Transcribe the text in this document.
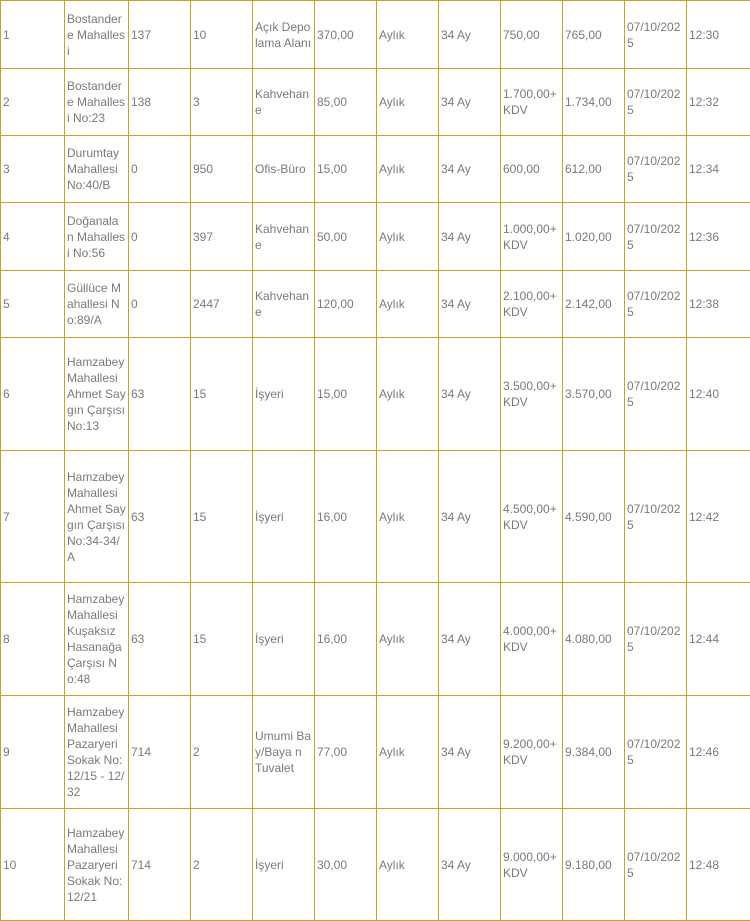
1	Bostander e Mahallesi	137	10	Açık Depolama Alanı	370,00	Aylık	34 Ay	750,00	765,00	07/10/2025	12:30
2	Bostander e Mahallesi No:23	138	3	Kahvehan e	85,00	Aylık	34 Ay	1.700,00+ KDV	1.734,00	07/10/2025	12:32
3	Durumtay Mahallesi No:40/B	0	950	Ofis-Büro	15,00	Aylık	34 Ay	600,00	612,00	07/10/2025	12:34
4	Doğanala n Mahallesi No:56	0	397	Kahvehan e	50,00	Aylık	34 Ay	1.000,00+ KDV	1.020,00	07/10/2025	12:36
5	Güllüce Mahallesi No:89/A	0	2447	Kahvehan e	120,00	Aylık	34 Ay	2.100,00+ KDV	2.142,00	07/10/2025	12:38
6	Hamzabey Mahallesi Ahmet Saygın Çarşısı No:13	63	15	İşyeri	15,00	Aylık	34 Ay	3.500,00+ KDV	3.570,00	07/10/2025	12:40
7	Hamzabey Mahallesi Ahmet Saygın Çarşısı No:34-34/A	63	15	İşyeri	16,00	Aylık	34 Ay	4.500,00+ KDV	4.590,00	07/10/2025	12:42
8	Hamzabey Mahallesi Kuşaksız Hasanağa Çarşısı No:48	63	15	İşyeri	16,00	Aylık	34 Ay	4.000,00+ KDV	4.080,00	07/10/2025	12:44
9	Hamzabey Mahallesi Pazaryeri Sokak No:12/15 - 12/32	714	2	Umumi Bay/Baya n Tuvalet	77,00	Aylık	34 Ay	9.200,00+ KDV	9.384,00	07/10/2025	12:46
10	Hamzabey Mahallesi Pazaryeri Sokak No:12/21	714	2	İşyeri	30,00	Aylık	34 Ay	9.000,00+ KDV	9.180,00	07/10/2025	12:48
